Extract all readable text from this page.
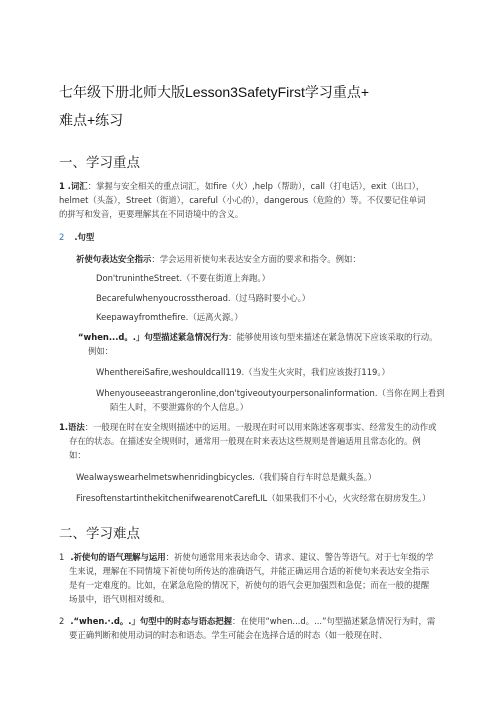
七年级下册北师大版Lesson3SafetyFirst学习重点+
难点+练习
一、学习重点
1 .词汇：掌握与安全相关的重点词汇，如fire（火）,help（帮助），call（打电话），exit（出口），
helmet（头盔），Street（街道），careful（小心的），dangerous（危险的）等。不仅要记住单词
的拼写和发音，更要理解其在不同语境中的含义。
2 .句型
祈使句表达安全指示：学会运用祈使句来表达安全方面的要求和指令。例如：
Don'trunintheStreet.（不要在街道上奔跑。）
Becarefulwhenyoucrosstheroad.（过马路时要小心。）
Keepawayfromthefire.（远离火源。）
“when...d。.」句型描述紧急情况行为：能够使用该句型来描述在紧急情况下应该采取的行动。
例如：
WhenthereiSafire,weshouldcall119.（当发生火灾时，我们应该拨打119。）
Whenyouseeastrangeronline,don'tgiveoutyourpersonalinformation.（当你在网上看到
陌生人时，不要泄露你的个人信息。）
1.语法：一般现在时在安全规则描述中的运用。一般现在时可以用来陈述客观事实、经常发生的动作或
存在的状态。在描述安全规则时，通常用一般现在时来表达这些规则是普遍适用且常态化的。例
如：
Wealwayswearhelmetswhenridingbicycles.（我们骑自行车时总是戴头盔。）
FiresoftenstartinthekitchenifwearenotCarefLIL（如果我们不小心，火灾经常在厨房发生。）
二、学习难点
1 .祈使句的语气理解与运用：祈使句通常用来表达命令、请求、建议、警告等语气。对于七年级的学
生来说，理解在不同情境下祈使句所传达的准确语气，并能正确运用合适的祈使句来表达安全指示
是有一定难度的。比如，在紧急危险的情况下，祈使句的语气会更加强烈和急促；而在一般的提醒
场景中，语气则相对缓和。
2 .“when.·.d。.」句型中的时态与语态把握：在使用“when...d。...”句型描述紧急情况行为时，需
要正确判断和使用动词的时态和语态。学生可能会在选择合适的时态（如一般现在时、
